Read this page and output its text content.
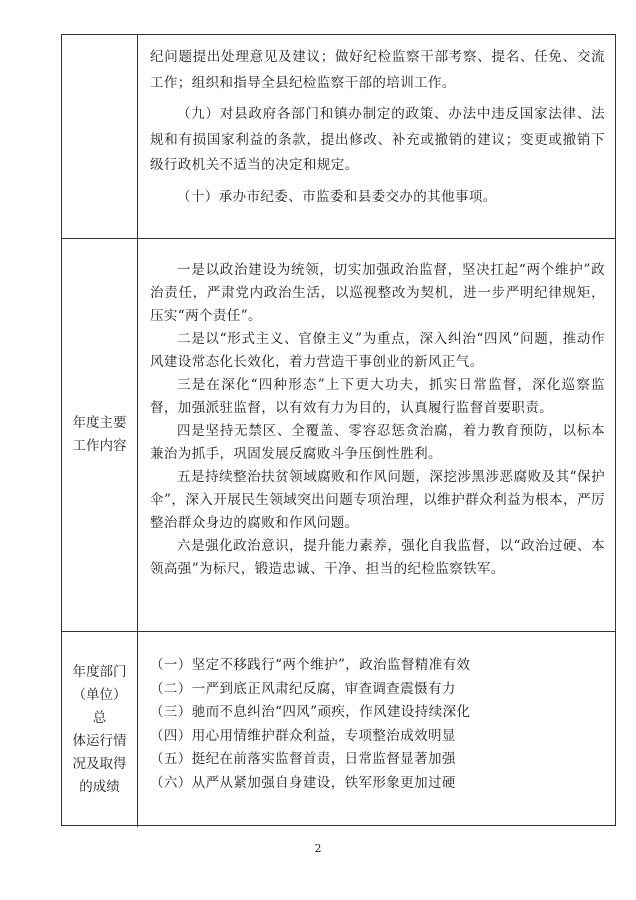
纪问题提出处理意见及建议；做好纪检监察干部考察、提名、任免、交流工作；组织和指导全县纪检监察干部的培训工作。

（九）对县政府各部门和镇办制定的政策、办法中违反国家法律、法规和有损国家利益的条款，提出修改、补充或撤销的建议；变更或撤销下级行政机关不适当的决定和规定。

（十）承办市纪委、市监委和县委交办的其他事项。

年度主要
工作内容

一是以政治建设为统领，切实加强政治监督，坚决扛起“两个维护”政治责任，严肃党内政治生活，以巡视整改为契机，进一步严明纪律规矩，压实“两个责任”。

二是以“形式主义、官僚主义”为重点，深入纠治“四风”问题，推动作风建设常态化长效化，着力营造干事创业的新风正气。

三是在深化“四种形态”上下更大功夫，抓实日常监督，深化巡察监督，加强派驻监督，以有效有力为目的，认真履行监督首要职责。

四是坚持无禁区、全覆盖、零容忍惩贪治腐，着力教育预防，以标本兼治为抓手，巩固发展反腐败斗争压倒性胜利。

五是持续整治扶贫领域腐败和作风问题，深挖涉黑涉恶腐败及其“保护伞”，深入开展民生领域突出问题专项治理，以维护群众利益为根本，严厉整治群众身边的腐败和作风问题。

六是强化政治意识，提升能力素养，强化自我监督，以“政治过硬、本领高强”为标尺，锻造忠诚、干净、担当的纪检监察铁军。

年度部门
（单位）总
体运行情
况及取得
的成绩

（一）坚定不移践行“两个维护”，政治监督精准有效

（二）一严到底正风肃纪反腐，审查调查震慑有力

（三）驰而不息纠治“四风”顽疾，作风建设持续深化

（四）用心用情维护群众利益，专项整治成效明显

（五）挺纪在前落实监督首责，日常监督显著加强

（六）从严从紧加强自身建设，铁军形象更加过硬

2
